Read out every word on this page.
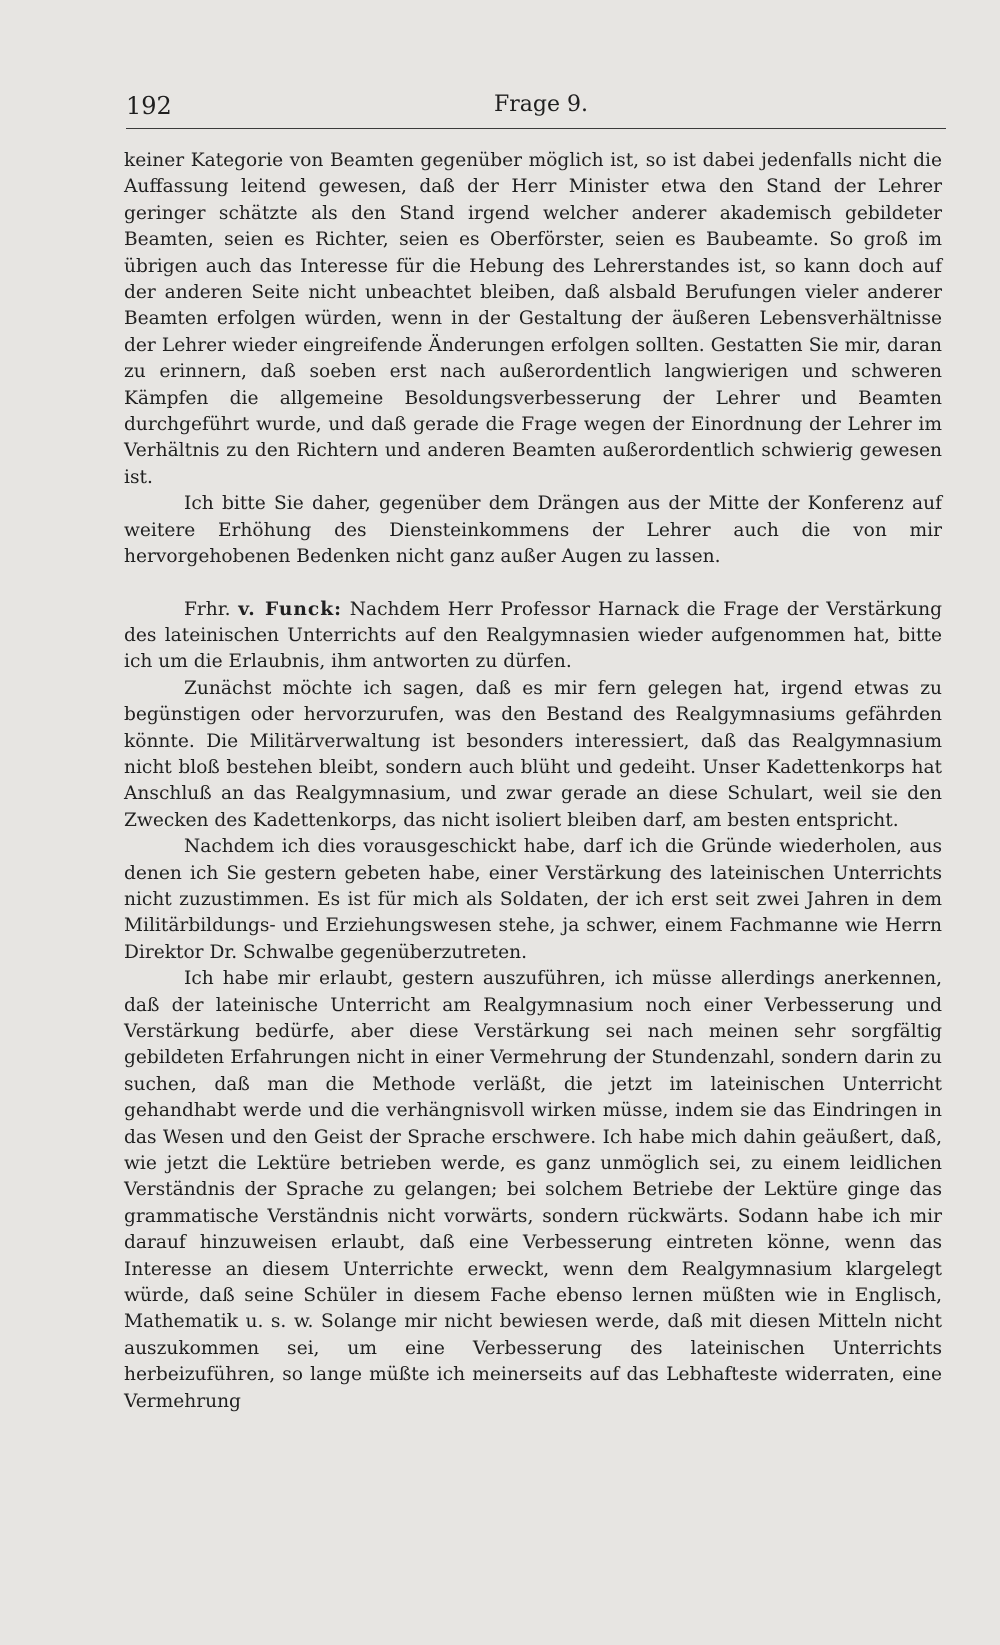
192	Frage 9.

keiner Kategorie von Beamten gegenüber möglich ist, so ist dabei jedenfalls nicht die Auffassung leitend gewesen, daß der Herr Minister etwa den Stand der Lehrer geringer schätzte als den Stand irgend welcher anderer akademisch gebildeter Beamten, seien es Richter, seien es Oberförster, seien es Baubeamte. So groß im übrigen auch das Interesse für die Hebung des Lehrerstandes ist, so kann doch auf der anderen Seite nicht unbeachtet bleiben, daß alsbald Berufungen vieler anderer Beamten erfolgen würden, wenn in der Gestaltung der äußeren Lebensverhältnisse der Lehrer wieder eingreifende Änderungen erfolgen sollten. Gestatten Sie mir, daran zu erinnern, daß soeben erst nach außerordentlich langwierigen und schweren Kämpfen die allgemeine Besoldungsverbesserung der Lehrer und Beamten durchgeführt wurde, und daß gerade die Frage wegen der Einordnung der Lehrer im Verhältnis zu den Richtern und anderen Beamten außerordentlich schwierig gewesen ist.

Ich bitte Sie daher, gegenüber dem Drängen aus der Mitte der Konferenz auf weitere Erhöhung des Diensteinkommens der Lehrer auch die von mir hervorgehobenen Bedenken nicht ganz außer Augen zu lassen.

Frhr. v. Funck: Nachdem Herr Professor Harnack die Frage der Verstärkung des lateinischen Unterrichts auf den Realgymnasien wieder aufgenommen hat, bitte ich um die Erlaubnis, ihm antworten zu dürfen.

Zunächst möchte ich sagen, daß es mir fern gelegen hat, irgend etwas zu begünstigen oder hervorzurufen, was den Bestand des Realgymnasiums gefährden könnte. Die Militärverwaltung ist besonders interessiert, daß das Realgymnasium nicht bloß bestehen bleibt, sondern auch blüht und gedeiht. Unser Kadettenkorps hat Anschluß an das Realgymnasium, und zwar gerade an diese Schulart, weil sie den Zwecken des Kadettenkorps, das nicht isoliert bleiben darf, am besten entspricht.

Nachdem ich dies vorausgeschickt habe, darf ich die Gründe wiederholen, aus denen ich Sie gestern gebeten habe, einer Verstärkung des lateinischen Unterrichts nicht zuzustimmen. Es ist für mich als Soldaten, der ich erst seit zwei Jahren in dem Militärbildungs- und Erziehungswesen stehe, ja schwer, einem Fachmanne wie Herrn Direktor Dr. Schwalbe gegenüberzutreten.

Ich habe mir erlaubt, gestern auszuführen, ich müsse allerdings anerkennen, daß der lateinische Unterricht am Realgymnasium noch einer Verbesserung und Verstärkung bedürfe, aber diese Verstärkung sei nach meinen sehr sorgfältig gebildeten Erfahrungen nicht in einer Vermehrung der Stundenzahl, sondern darin zu suchen, daß man die Methode verläßt, die jetzt im lateinischen Unterricht gehandhabt werde und die verhängnisvoll wirken müsse, indem sie das Eindringen in das Wesen und den Geist der Sprache erschwere. Ich habe mich dahin geäußert, daß, wie jetzt die Lektüre betrieben werde, es ganz unmöglich sei, zu einem leidlichen Verständnis der Sprache zu gelangen; bei solchem Betriebe der Lektüre ginge das grammatische Verständnis nicht vorwärts, sondern rückwärts. Sodann habe ich mir darauf hinzuweisen erlaubt, daß eine Verbesserung eintreten könne, wenn das Interesse an diesem Unterrichte erweckt, wenn dem Realgymnasium klargelegt würde, daß seine Schüler in diesem Fache ebenso lernen müßten wie in Englisch, Mathematik u. s. w. Solange mir nicht bewiesen werde, daß mit diesen Mitteln nicht auszukommen sei, um eine Verbesserung des lateinischen Unterrichts herbeizuführen, so lange müßte ich meinerseits auf das Lebhafteste widerraten, eine Vermehrung
